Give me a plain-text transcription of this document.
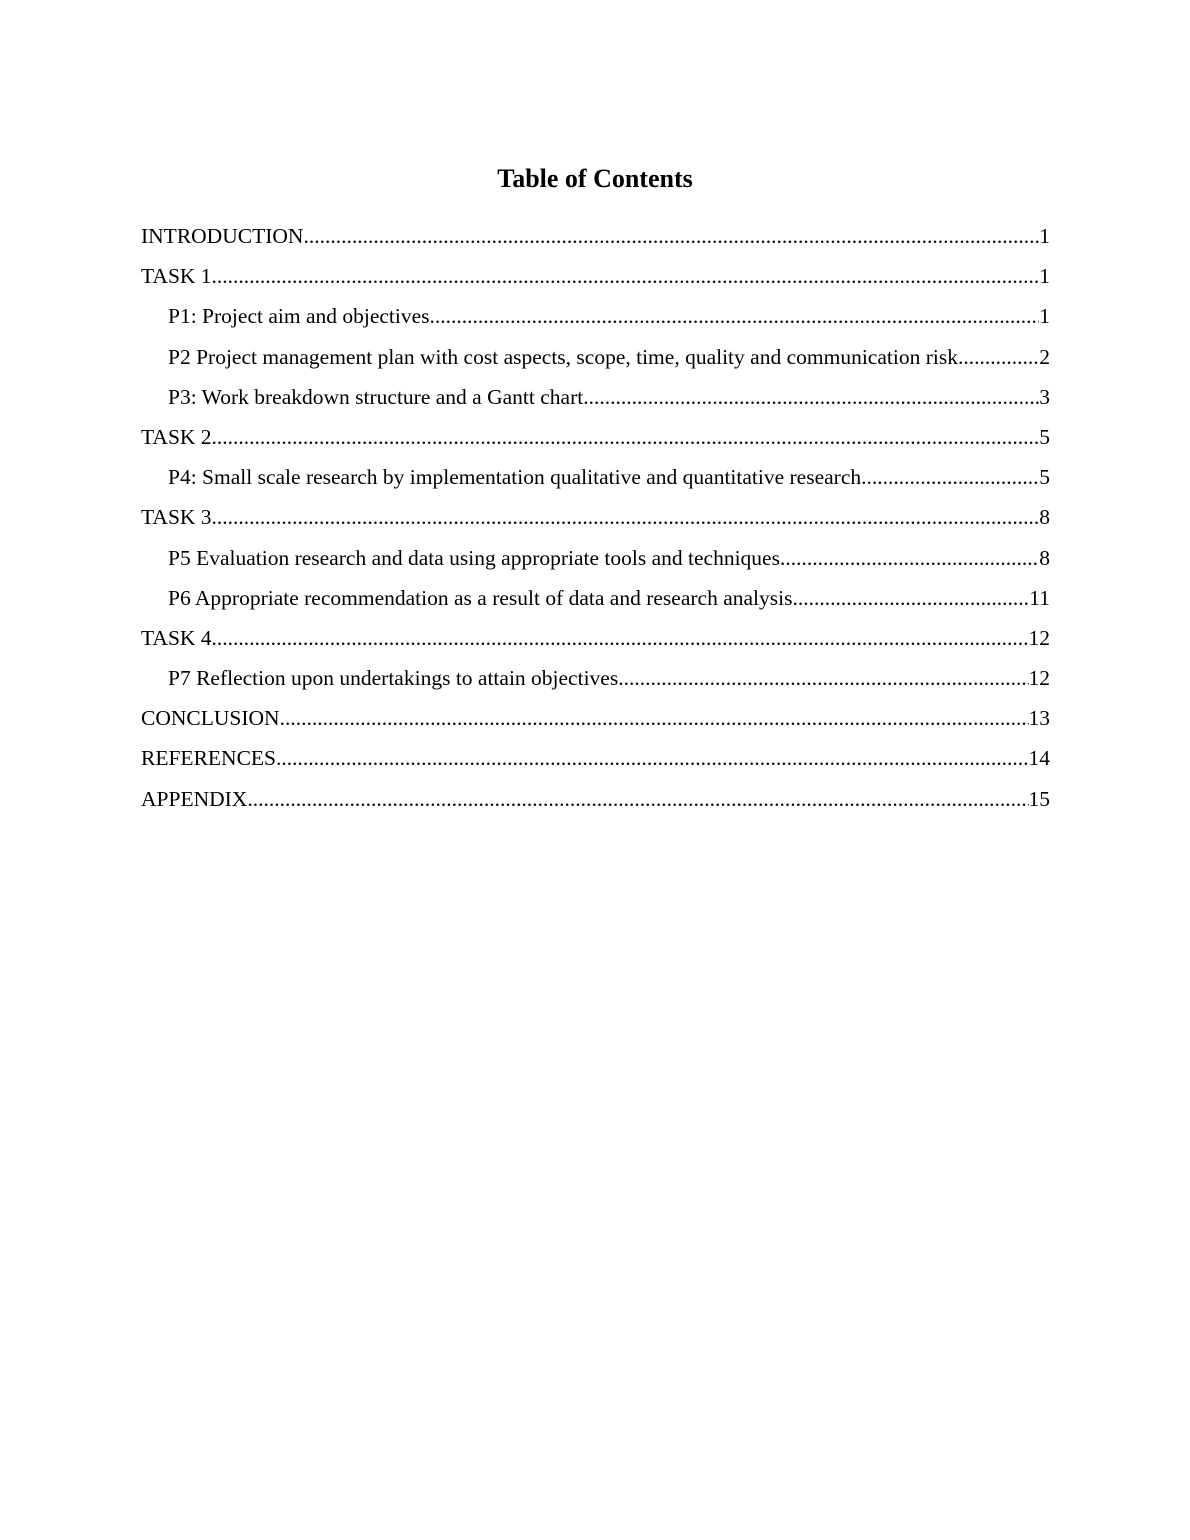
Table of Contents
INTRODUCTION .....	1
TASK 1 .....	1
P1: Project aim and objectives .....	1
P2 Project management plan with cost aspects, scope, time, quality and communication risk .....	2
P3: Work breakdown structure and a Gantt chart .....	3
TASK 2 .....	5
P4: Small scale research by implementation qualitative and quantitative research .....	5
TASK 3 .....	8
P5 Evaluation research and data using appropriate tools and techniques .....	8
P6 Appropriate recommendation as a result of data and research analysis .....	11
TASK 4 .....	12
P7 Reflection upon undertakings to attain objectives .....	12
CONCLUSION .....	13
REFERENCES .....	14
APPENDIX .....	15
